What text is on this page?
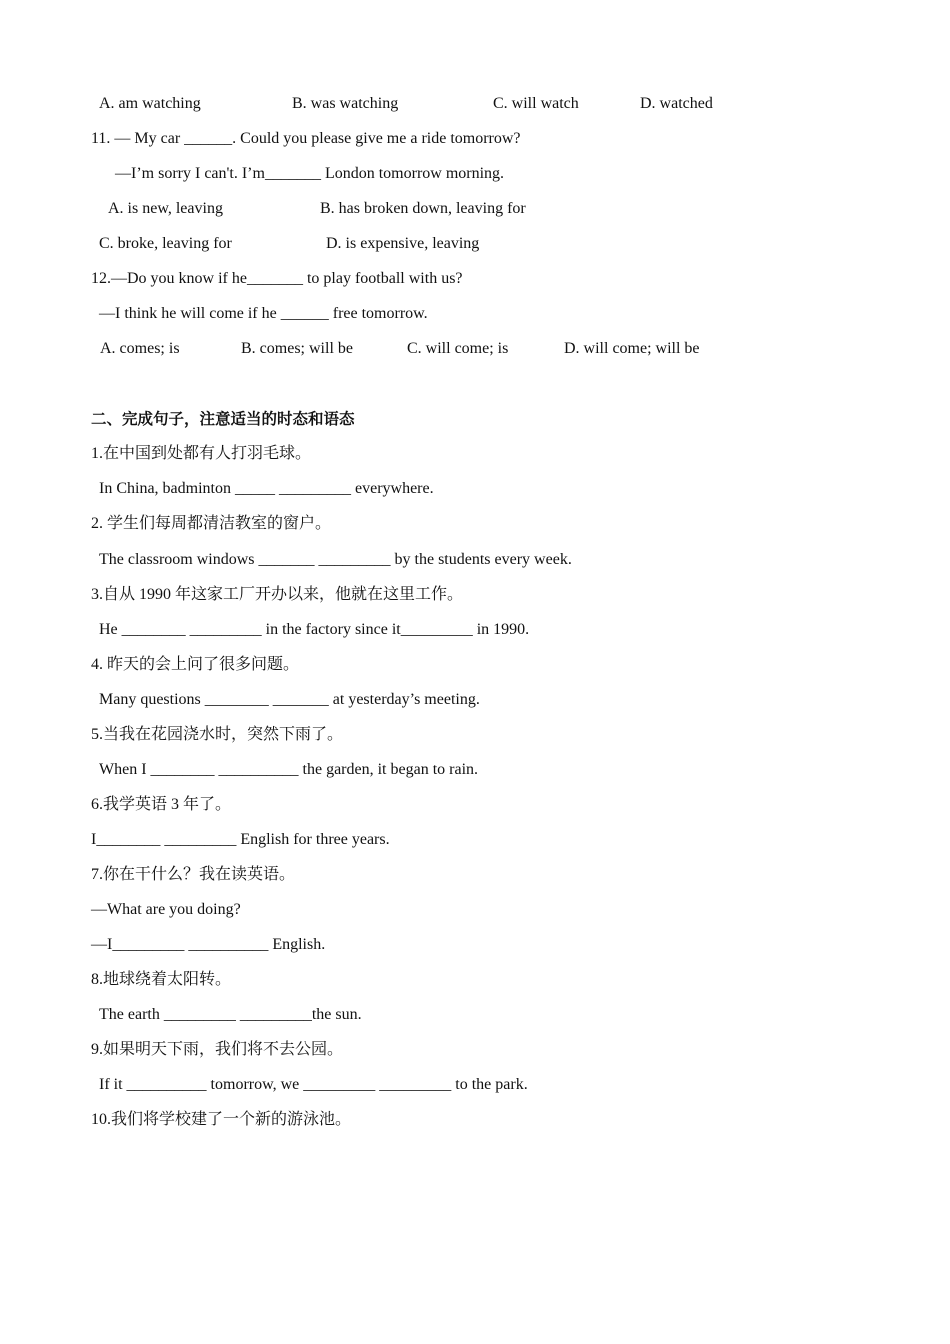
A. am watching	B. was watching	C. will watch	D. watched
11. — My car ______. Could you please give me a ride tomorrow?
—I’m sorry I can't. I’m_______ London tomorrow morning.
A. is new, leaving	B. has broken down, leaving for
C. broke, leaving for	D. is expensive, leaving
12.—Do you know if he_______ to play football with us?
—I think he will come if he ______ free tomorrow.
A. comes; is	B. comes; will be	C. will come; is	D. will come; will be
二、完成句子，注意适当的时态和语态
1.在中国到处都有人打羽毛球。
In China, badminton _____ _________ everywhere.
2. 学生们每周都清洁教室的窗户。
The classroom windows _______ _________ by the students every week.
3.自从 1990 年这家工厂开办以来，他就在这里工作。
He ________ _________ in the factory since it_________ in 1990.
4. 昨天的会上问了很多问题。
Many questions ________ _______ at yesterday’s meeting.
5.当我在花园浇水时，突然下雨了。
When I ________ __________ the garden, it began to rain.
6.我学英语 3 年了。
I________ _________ English for three years.
7.你在干什么？我在读英语。
—What are you doing?
—I_________ __________ English.
8.地球绕着太阳转。
The earth _________ _________the sun.
9.如果明天下雨，我们将不去公园。
If it __________ tomorrow, we _________ _________ to the park.
10.我们将学校建了一个新的游泳池。
